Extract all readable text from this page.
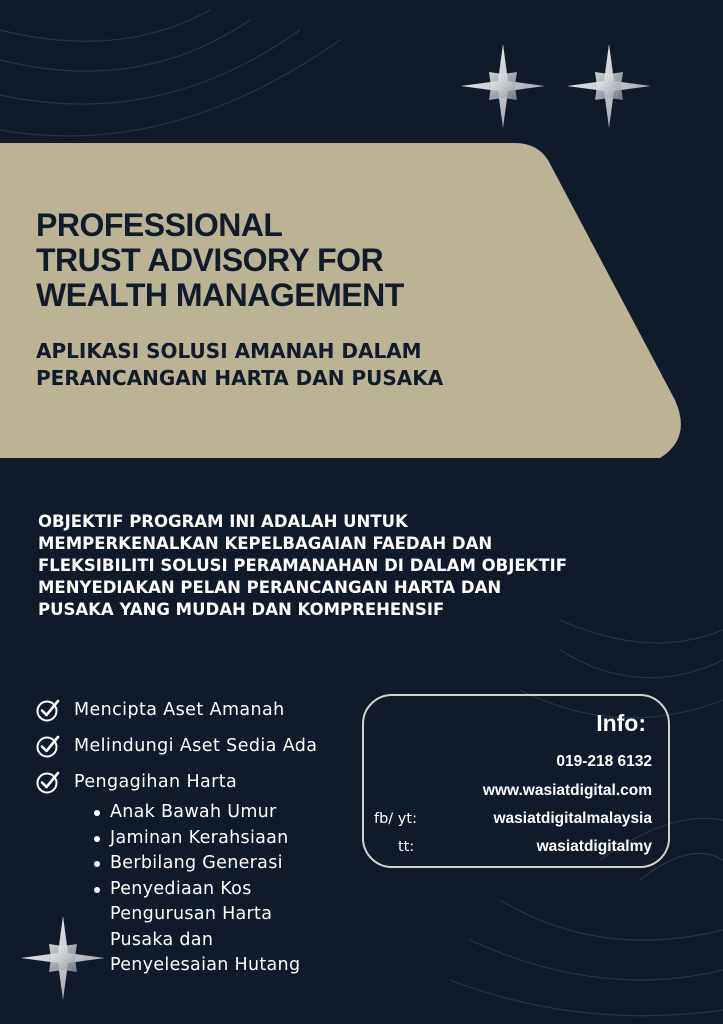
PROFESSIONAL
TRUST ADVISORY FOR
WEALTH MANAGEMENT
APLIKASI SOLUSI AMANAH DALAM
PERANCANGAN HARTA DAN PUSAKA

OBJEKTIF PROGRAM INI ADALAH UNTUK
MEMPERKENALKAN KEPELBAGAIAN FAEDAH DAN
FLEKSIBILITI SOLUSI PERAMANAHAN DI DALAM OBJEKTIF
MENYEDIAKAN PELAN PERANCANGAN HARTA DAN
PUSAKA YANG MUDAH DAN KOMPREHENSIF

Mencipta Aset Amanah
Melindungi Aset Sedia Ada
Pengagihan Harta
Anak Bawah Umur
Jaminan Kerahsiaan
Berbilang Generasi
Penyediaan Kos
Pengurusan Harta
Pusaka dan
Penyelesaian Hutang
Info:
019-218 6132
www.wasiatdigital.com
fb/ yt:	wasiatdigitalmalaysia
tt:	wasiatdigitalmy
